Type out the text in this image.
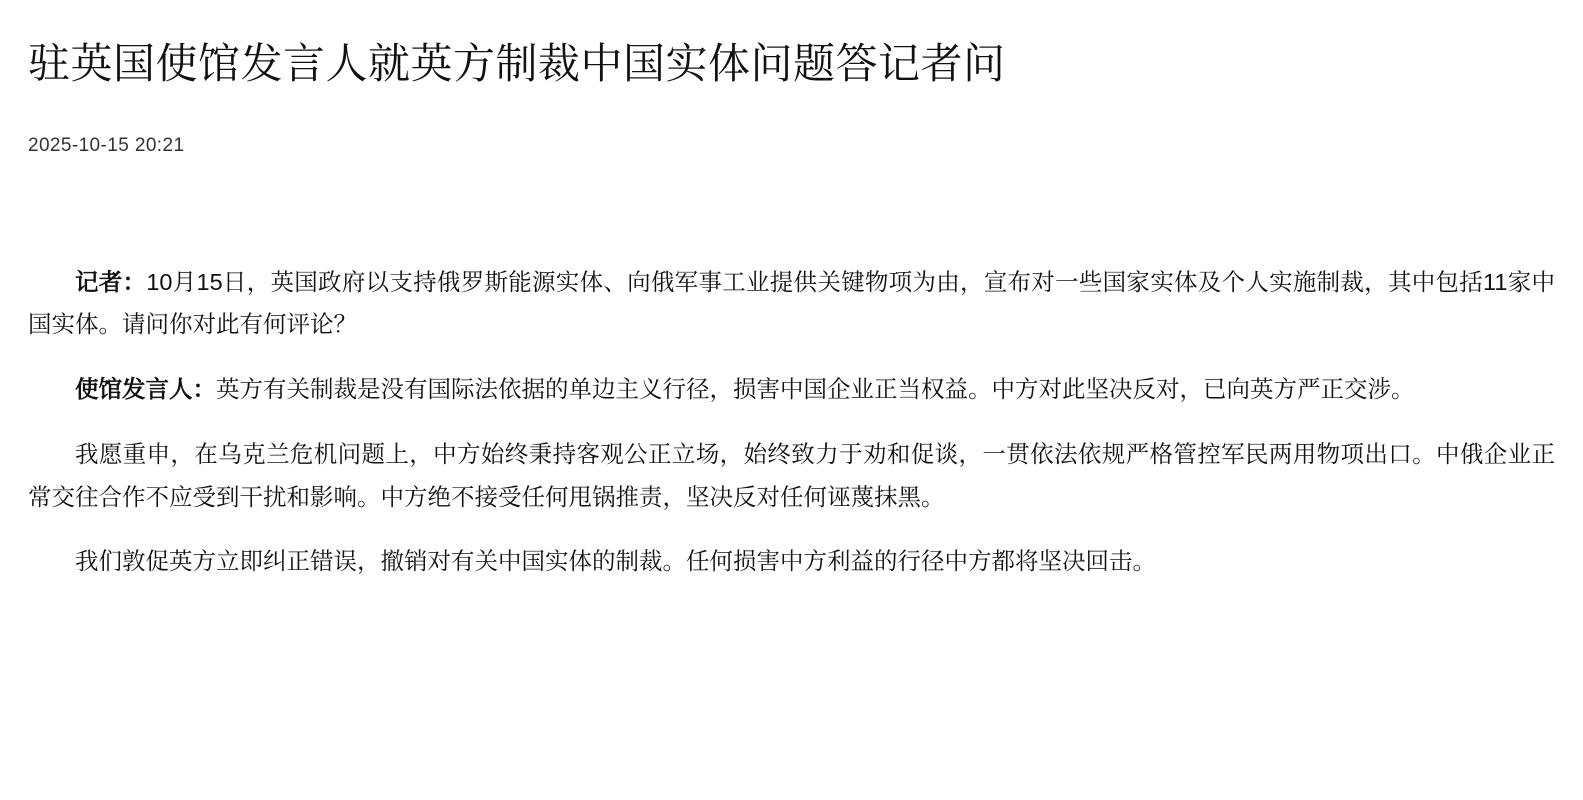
驻英国使馆发言人就英方制裁中国实体问题答记者问
2025-10-15 20:21

记者：10月15日，英国政府以支持俄罗斯能源实体、向俄军事工业提供关键物项为由，宣布对一些国家实体及个人实施制裁，其中包括11家中国实体。请问你对此有何评论？

使馆发言人：英方有关制裁是没有国际法依据的单边主义行径，损害中国企业正当权益。中方对此坚决反对，已向英方严正交涉。

我愿重申，在乌克兰危机问题上，中方始终秉持客观公正立场，始终致力于劝和促谈，一贯依法依规严格管控军民两用物项出口。中俄企业正常交往合作不应受到干扰和影响。中方绝不接受任何甩锅推责，坚决反对任何诬蔑抹黑。

我们敦促英方立即纠正错误，撤销对有关中国实体的制裁。任何损害中方利益的行径中方都将坚决回击。
